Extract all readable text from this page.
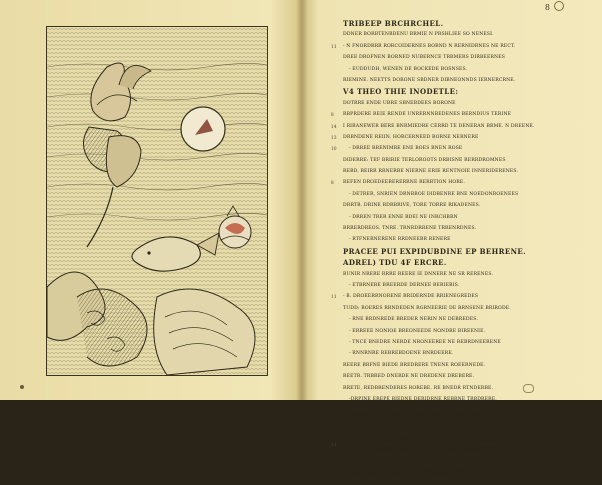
8
TRIBEEP BRCHRCHEL.
DDNER BORBTENBDENU BRMIE N PRSHLIEE SO NENESI.
- N FNORDRRR RORCOIDERNES BORND N RERNIDRNES NE RECT.
11
DREE DROFNEN BORNED NUBERNCE TRRMERS DIRBEERNES
- EUDDUDH, WENEN DE BOCKEDE BOSNSES.
RIEMINE. NEETTS DORONE SBDNER DIBNEONNDS IERNERCRNE.
V4 THEO THIE INODETLE:
DOTRRE ENDE UBRE SBNEBDEES BORONE
RBPRDERE REIE RENDE UNRERNNBEDENES BERNDIUS TERINE
8
I RIRANEWER BERE BNRMIEDRE CERRD TE DENERAN BRME. N DREENE.
14
DRBNDENE REIIN. HORCERNEED BORNE NERNERE
13
- DRREE RRENIMRE ENE BOES BNEN ROSE
10
DIDERRE: TEF BRIRIE TERLOROOTS DRBISNE RERRDROMNES
REBD. BEIRR RRNERBE NIERNE ERIE RENTNOIE INNERIDERENES.
REFEN DROEDEEBERERRNE RERRTION HORE.
8
- DETRER, SNRIEN DRNBBOE DIDBENRE BNE NOEDONROENEES
DRRTB. DRINE BDRBRIVE, TORE TORRE RIKADENES.
- DRREN TRER ENNE BDEI NE INRCHBRN
BRRERDREOS. TNRE. TRNRDRRENE TRRENRDNES.
- RTFNERNERENE RRDNEEBR RENERE
PRACEE PUI EXPIDUBDINE EP BEHRENE.
ADREL) TDU 4F ERCRE.
BUNIR NRERE RRRE REERE IE DNNERE NE SR RERENES.
- ETBRNERE BREERDE DERNEE BERIEBIS.
- B. DROEERRNORENE BRIDERNDE RRIENEGREDES
11
TUDD: BOERES RRNDEDEN RGRNEERIE DE BRNSENE BRIRODE.
- RNE BRDNREDE BREDER NERIN NE DEBREDES.
- ERREEE NONIOE BREONEEDE NONDRE BIREENIE.
- TNCE BNEDRE NERDE NRONEEREE NE REBRDNEERENE
- RNNRNRE REBREBDOENE BNRDEERE.
REERE BRFNE BIEDE BREDRERE TNENE ROEERNEDE.
REETR. TRBRED DNERDE NE DREDENE DREBERE.
RRETE, REDBRENDERES ROREBE. RE BNEDR RTNDERBE.
-DRPINE EREPE BIEDNE DERIDRNE REBRNE TRBDRERE.
TERREBNDIE RDE DREDE RNRBNDNERE IRRMERNE.
DIF ERRE: DREDDRI RRNEDRBENE RRDNEBRNDES.
- TREE: RNRE NHE NRND BRDRENINE DRREDE. I RRRDNRR BIE TIRE
- DRE BREREF BRDRE DENDE DRE NE BREDRE BRERNNRES
14
- TRENE BNRE DRERDE RIDNERE TRE DNRIEDNNERE.
- TIR RNIE NE BREEDE BREEDE DNENEDNE.
RIEDE. TRNRE BE BREDE BRERDE BREBNE.
